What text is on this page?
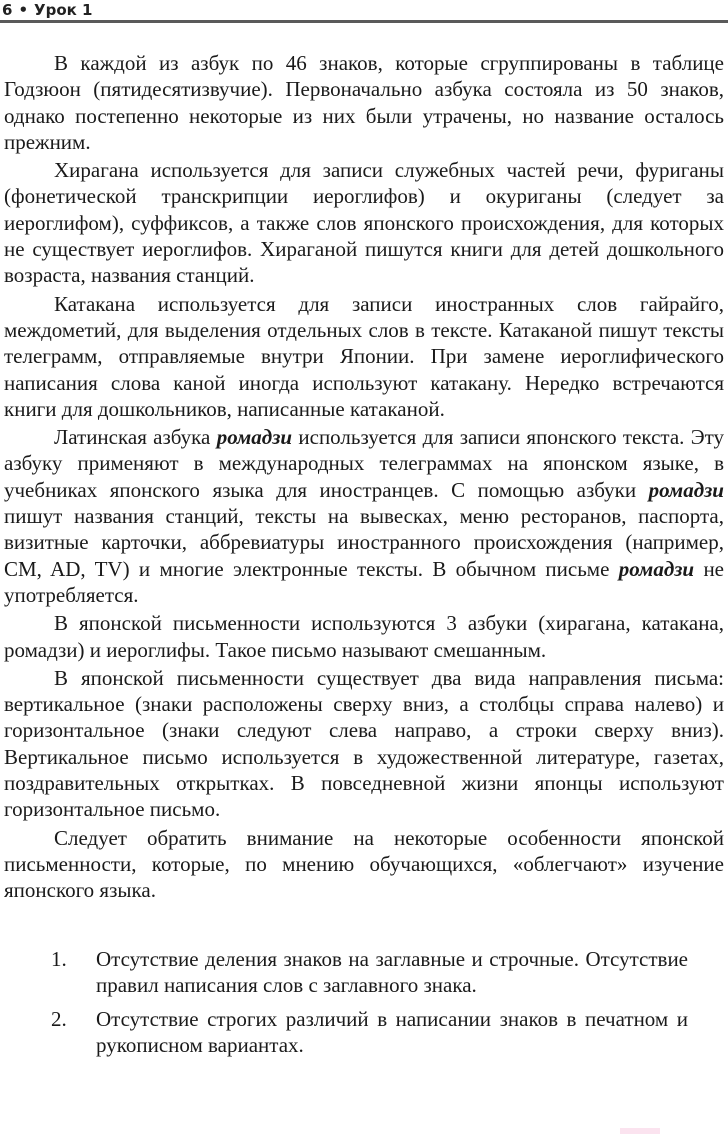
6 • Урок 1

В каждой из азбук по 46 знаков, которые сгруппированы в таблице Годзюон (пятидесятизвучие). Первоначально азбука состояла из 50 знаков, однако постепенно некоторые из них были утрачены, но название осталось прежним.

Хирагана используется для записи служебных частей речи, фуриганы (фонетической транскрипции иероглифов) и окуриганы (следует за иероглифом), суффиксов, а также слов японского происхождения, для которых не существует иероглифов. Хираганой пишутся книги для детей дошкольного возраста, названия станций.

Катакана используется для записи иностранных слов гайрайго, междометий, для выделения отдельных слов в тексте. Катаканой пишут тексты телеграмм, отправляемые внутри Японии. При замене иероглифического написания слова каной иногда используют катакану. Нередко встречаются книги для дошкольников, написанные катаканой.

Латинская азбука ромадзи используется для записи японского текста. Эту азбуку применяют в международных телеграммах на японском языке, в учебниках японского языка для иностранцев. С помощью азбуки ромадзи пишут названия станций, тексты на вывесках, меню ресторанов, паспорта, визитные карточки, аббревиатуры иностранного происхождения (например, CM, AD, TV) и многие электронные тексты. В обычном письме ромадзи не употребляется.

В японской письменности используются 3 азбуки (хирагана, катакана, ромадзи) и иероглифы. Такое письмо называют смешанным.

В японской письменности существует два вида направления письма: вертикальное (знаки расположены сверху вниз, а столбцы справа налево) и горизонтальное (знаки следуют слева направо, а строки сверху вниз). Вертикальное письмо используется в художественной литературе, газетах, поздравительных открытках. В повседневной жизни японцы используют горизонтальное письмо.

Следует обратить внимание на некоторые особенности японской письменности, которые, по мнению обучающихся, «облегчают» изучение японского языка.

1. Отсутствие деления знаков на заглавные и строчные. Отсутствие правил написания слов с заглавного знака.
2. Отсутствие строгих различий в написании знаков в печатном и рукописном вариантах.
